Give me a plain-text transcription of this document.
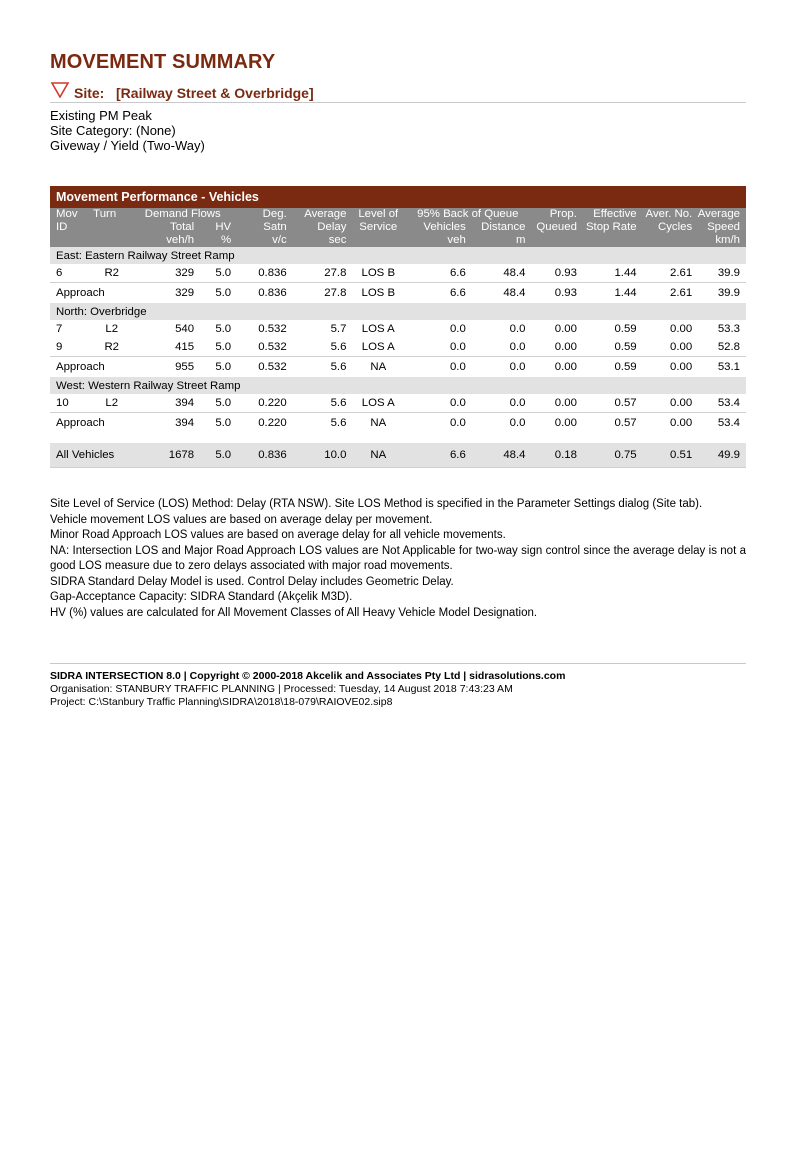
MOVEMENT SUMMARY
Site: [Railway Street & Overbridge]
Existing PM Peak
Site Category: (None)
Giveway / Yield (Two-Way)
Movement Performance - Vehicles												
Mov	Turn	Demand Flows		Deg.	Average	Level of	95% Back of Queue		Prop.	Effective	Aver. No.	Average
ID		Total	HV	Satn	Delay	Service	Vehicles	Distance	Queued	Stop Rate	Cycles	Speed
		veh/h	%	v/c	sec		veh	m				km/h
East: Eastern Railway Street Ramp												
6	R2	329	5.0	0.836	27.8	LOS B	6.6	48.4	0.93	1.44	2.61	39.9
Approach		329	5.0	0.836	27.8	LOS B	6.6	48.4	0.93	1.44	2.61	39.9
North: Overbridge												
7	L2	540	5.0	0.532	5.7	LOS A	0.0	0.0	0.00	0.59	0.00	53.3
9	R2	415	5.0	0.532	5.6	LOS A	0.0	0.0	0.00	0.59	0.00	52.8
Approach		955	5.0	0.532	5.6	NA	0.0	0.0	0.00	0.59	0.00	53.1
West: Western Railway Street Ramp												
10	L2	394	5.0	0.220	5.6	LOS A	0.0	0.0	0.00	0.57	0.00	53.4
Approach		394	5.0	0.220	5.6	NA	0.0	0.0	0.00	0.57	0.00	53.4

All Vehicles		1678	5.0	0.836	10.0	NA	6.6	48.4	0.18	0.75	0.51	49.9

Site Level of Service (LOS) Method: Delay (RTA NSW). Site LOS Method is specified in the Parameter Settings dialog (Site tab).
Vehicle movement LOS values are based on average delay per movement.
Minor Road Approach LOS values are based on average delay for all vehicle movements.
NA: Intersection LOS and Major Road Approach LOS values are Not Applicable for two-way sign control since the average delay is not a good LOS measure due to zero delays associated with major road movements.
SIDRA Standard Delay Model is used. Control Delay includes Geometric Delay.
Gap-Acceptance Capacity: SIDRA Standard (Akçelik M3D).
HV (%) values are calculated for All Movement Classes of All Heavy Vehicle Model Designation.
SIDRA INTERSECTION 8.0 | Copyright © 2000-2018 Akcelik and Associates Pty Ltd | sidrasolutions.com
Organisation: STANBURY TRAFFIC PLANNING | Processed: Tuesday, 14 August 2018 7:43:23 AM
Project: C:\Stanbury Traffic Planning\SIDRA\2018\18-079\RAIOVE02.sip8
